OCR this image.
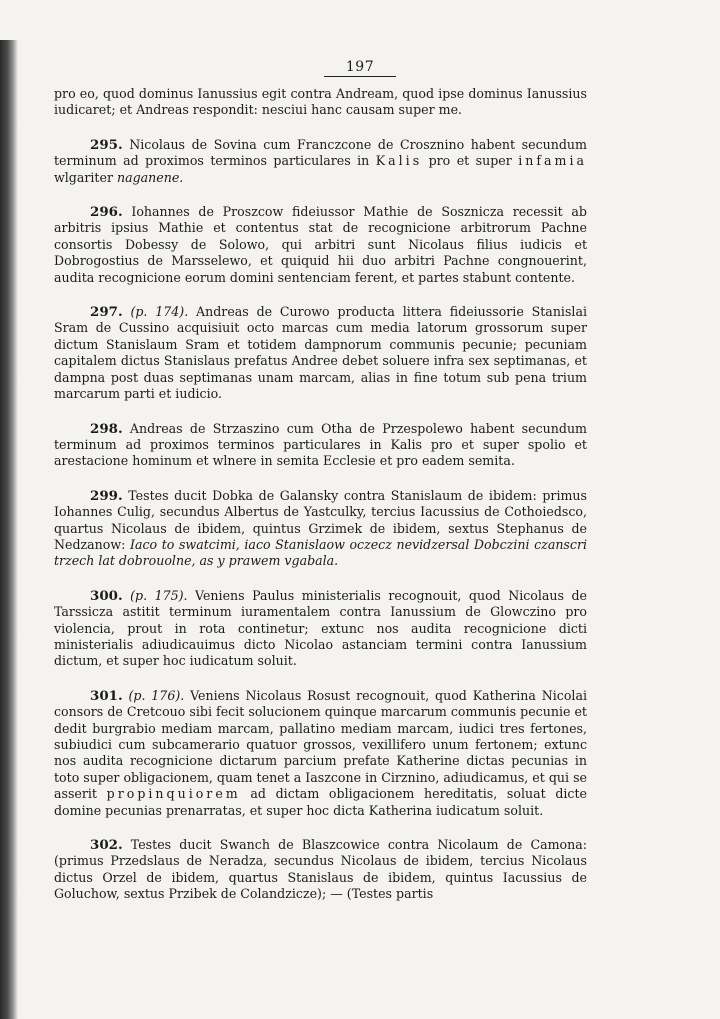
197

pro eo, quod dominus Ianussius egit contra Andream, quod ipse dominus Ianussius iudicaret; et Andreas respondit: nesciui hanc causam super me.

295. Nicolaus de Sovina cum Franczcone de Crosznino habent secundum terminum ad proximos terminos particulares in Kalis pro et super infamia wlgariter naganene.

296. Iohannes de Proszcow fideiussor Mathie de Sosznicza recessit ab arbitris ipsius Mathie et contentus stat de recognicione arbitrorum Pachne consortis Dobessy de Solowo, qui arbitri sunt Nicolaus filius iudicis et Dobrogostius de Marsselewo, et quiquid hii duo arbitri Pachne congnouerint, audita recognicione eorum domini sentenciam ferent, et partes stabunt contente.

297. (p. 174). Andreas de Curowo producta littera fideiussorie Stanislai Sram de Cussino acquisiuit octo marcas cum media latorum grossorum super dictum Stanislaum Sram et totidem dampnorum communis pecunie; pecuniam capitalem dictus Stanislaus prefatus Andree debet soluere infra sex septimanas, et dampna post duas septimanas unam marcam, alias in fine totum sub pena trium marcarum parti et iudicio.

298. Andreas de Strzaszino cum Otha de Przespolewo habent secundum terminum ad proximos terminos particulares in Kalis pro et super spolio et arestacione hominum et wlnere in semita Ecclesie et pro eadem semita.

299. Testes ducit Dobka de Galansky contra Stanislaum de ibidem: primus Iohannes Culig, secundus Albertus de Yastculky, tercius Iacussius de Cothoiedsco, quartus Nicolaus de ibidem, quintus Grzimek de ibidem, sextus Stephanus de Nedzanow: Iaco to swatcimi, iaco Stanislaow oczecz nevidzersal Dobczini czanscri trzech lat dobrouolne, as y prawem vgabala.

300. (p. 175). Veniens Paulus ministerialis recognouit, quod Nicolaus de Tarssicza astitit terminum iuramentalem contra Ianussium de Glowczino pro violencia, prout in rota continetur; extunc nos audita recognicione dicti ministerialis adiudicauimus dicto Nicolao astanciam termini contra Ianussium dictum, et super hoc iudicatum soluit.

301. (p. 176). Veniens Nicolaus Rosust recognouit, quod Katherina Nicolai consors de Cretcouo sibi fecit solucionem quinque marcarum communis pecunie et dedit burgrabio mediam marcam, pallatino mediam marcam, iudici tres fertones, subiudici cum subcamerario quatuor grossos, vexillifero unum fertonem; extunc nos audita recognicione dictarum parcium prefate Katherine dictas pecunias in toto super obligacionem, quam tenet a Iaszcone in Cirznino, adiudicamus, et qui se asserit propinquiorem ad dictam obligacionem hereditatis, soluat dicte domine pecunias prenarratas, et super hoc dicta Katherina iudicatum soluit.

302. Testes ducit Swanch de Blaszcowice contra Nicolaum de Camona: (primus Przedslaus de Neradza, secundus Nicolaus de ibidem, tercius Nicolaus dictus Orzel de ibidem, quartus Stanislaus de ibidem, quintus Iacussius de Goluchow, sextus Przibek de Colandzicze); — (Testes partis
